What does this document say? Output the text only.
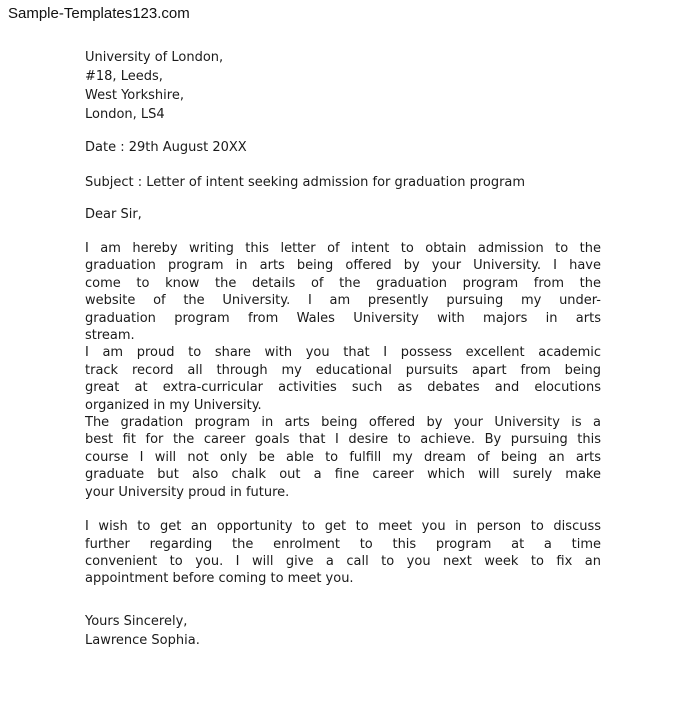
Sample-Templates123.com
University of London,
#18, Leeds,
West Yorkshire,
London, LS4
Date : 29th August 20XX
Subject : Letter of intent seeking admission for graduation program
Dear Sir,
I am hereby writing this letter of intent to obtain admission to the
graduation program in arts being offered by your University. I have
come to know the details of the graduation program from the
website of the University. I am presently pursuing my under-
graduation program from Wales University with majors in arts
stream.
I am proud to share with you that I possess excellent academic
track record all through my educational pursuits apart from being
great at extra-curricular activities such as debates and elocutions
organized in my University.
The gradation program in arts being offered by your University is a
best fit for the career goals that I desire to achieve. By pursuing this
course I will not only be able to fulfill my dream of being an arts
graduate but also chalk out a fine career which will surely make
your University proud in future.
I wish to get an opportunity to get to meet you in person to discuss
further regarding the enrolment to this program at a time
convenient to you. I will give a call to you next week to fix an
appointment before coming to meet you.
Yours Sincerely,
Lawrence Sophia.
